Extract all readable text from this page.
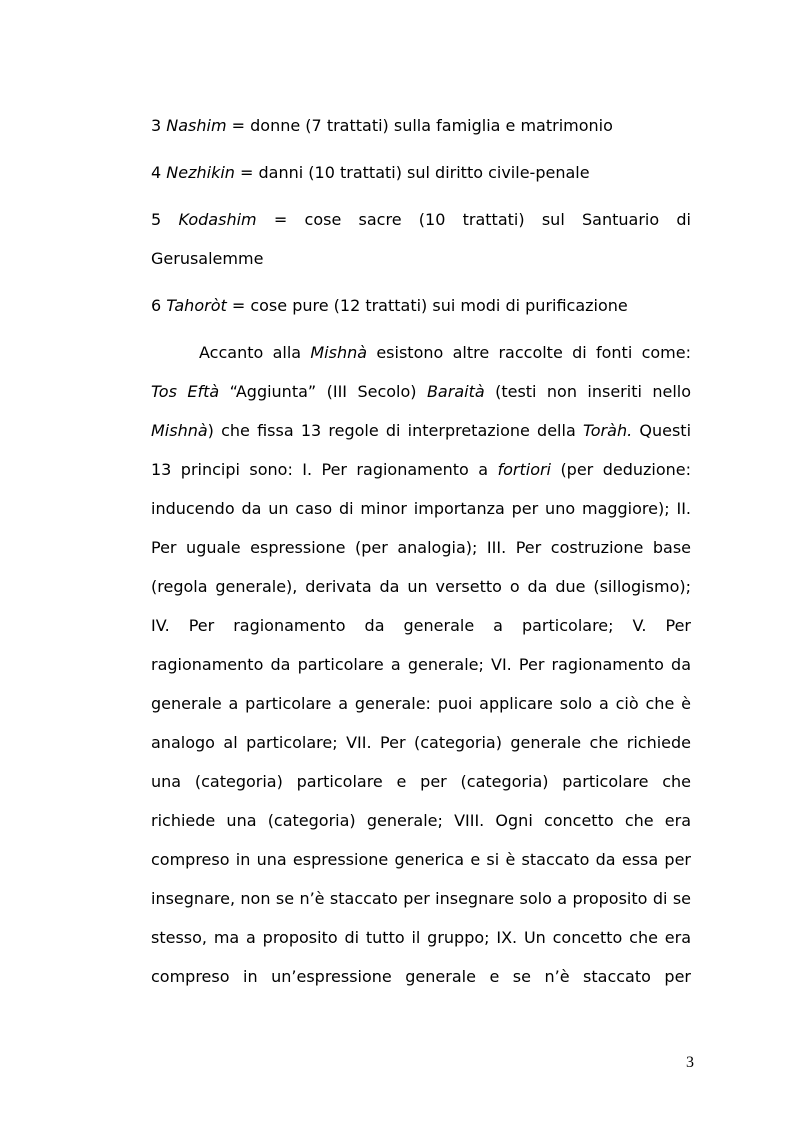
3 Nashim = donne (7 trattati) sulla famiglia e matrimonio
4 Nezhikin = danni (10 trattati) sul diritto civile-penale
5 Kodashim = cose sacre (10 trattati) sul Santuario di
Gerusalemme
6 Tahoròt = cose pure (12 trattati) sui modi di purificazione
Accanto alla Mishnà esistono altre raccolte di fonti come:
Tos Eftà “Aggiunta” (III Secolo) Baraità (testi non inseriti nello
Mishnà) che fissa 13 regole di interpretazione della Toràh. Questi
13 principi sono: I. Per ragionamento a fortiori (per deduzione:
inducendo da un caso di minor importanza per uno maggiore); II.
Per uguale espressione (per analogia); III. Per costruzione base
(regola generale), derivata da un versetto o da due (sillogismo);
IV. Per ragionamento da generale a particolare; V. Per
ragionamento da particolare a generale; VI. Per ragionamento da
generale a particolare a generale: puoi applicare solo a ciò che è
analogo al particolare; VII. Per (categoria) generale che richiede
una (categoria) particolare e per (categoria) particolare che
richiede una (categoria) generale; VIII. Ogni concetto che era
compreso in una espressione generica e si è staccato da essa per
insegnare, non se n’è staccato per insegnare solo a proposito di se
stesso, ma a proposito di tutto il gruppo; IX. Un concetto che era
compreso in un’espressione generale e se n’è staccato per
3
